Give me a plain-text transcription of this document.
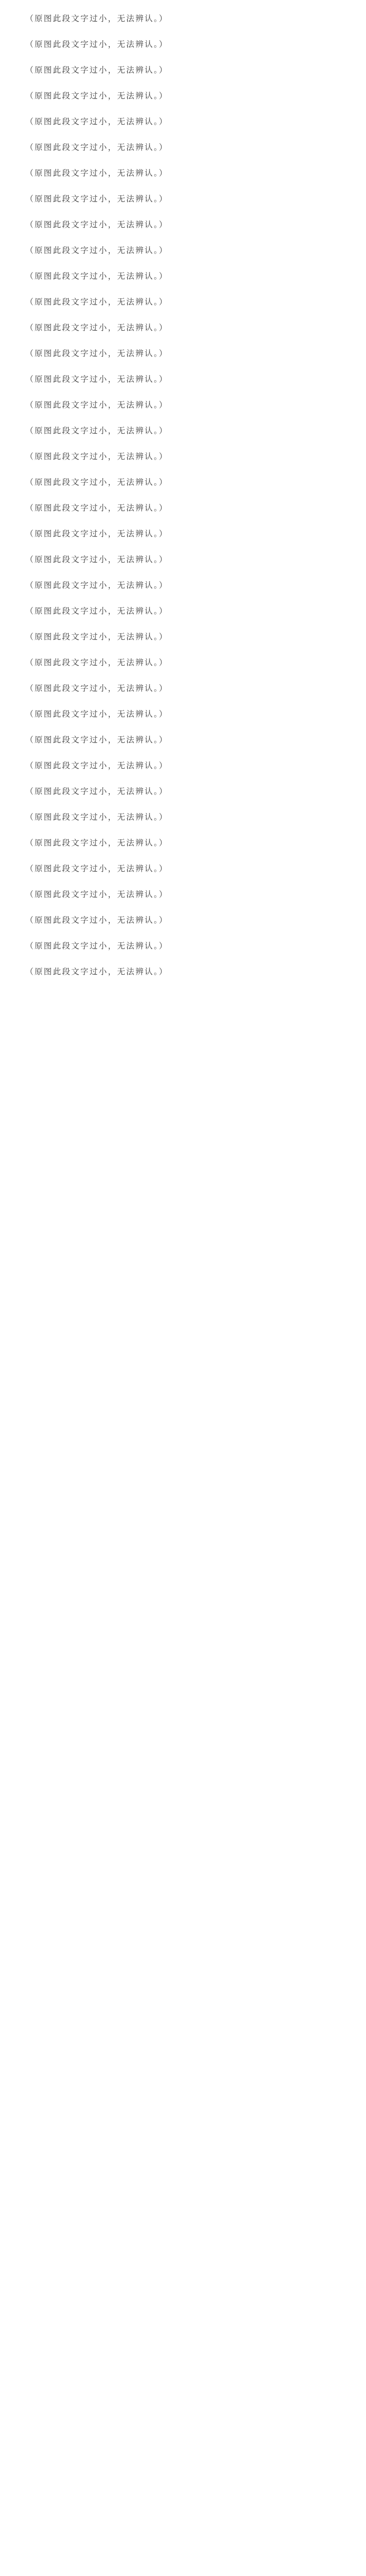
（原图此段文字过小，无法辨认。）

（原图此段文字过小，无法辨认。）

（原图此段文字过小，无法辨认。）

（原图此段文字过小，无法辨认。）

（原图此段文字过小，无法辨认。）

（原图此段文字过小，无法辨认。）

（原图此段文字过小，无法辨认。）

（原图此段文字过小，无法辨认。）

（原图此段文字过小，无法辨认。）

（原图此段文字过小，无法辨认。）

（原图此段文字过小，无法辨认。）

（原图此段文字过小，无法辨认。）

（原图此段文字过小，无法辨认。）

（原图此段文字过小，无法辨认。）

（原图此段文字过小，无法辨认。）

（原图此段文字过小，无法辨认。）

（原图此段文字过小，无法辨认。）

（原图此段文字过小，无法辨认。）

（原图此段文字过小，无法辨认。）

（原图此段文字过小，无法辨认。）

（原图此段文字过小，无法辨认。）

（原图此段文字过小，无法辨认。）

（原图此段文字过小，无法辨认。）

（原图此段文字过小，无法辨认。）

（原图此段文字过小，无法辨认。）

（原图此段文字过小，无法辨认。）

（原图此段文字过小，无法辨认。）

（原图此段文字过小，无法辨认。）

（原图此段文字过小，无法辨认。）

（原图此段文字过小，无法辨认。）

（原图此段文字过小，无法辨认。）

（原图此段文字过小，无法辨认。）

（原图此段文字过小，无法辨认。）

（原图此段文字过小，无法辨认。）

（原图此段文字过小，无法辨认。）

（原图此段文字过小，无法辨认。）

（原图此段文字过小，无法辨认。）

（原图此段文字过小，无法辨认。）
